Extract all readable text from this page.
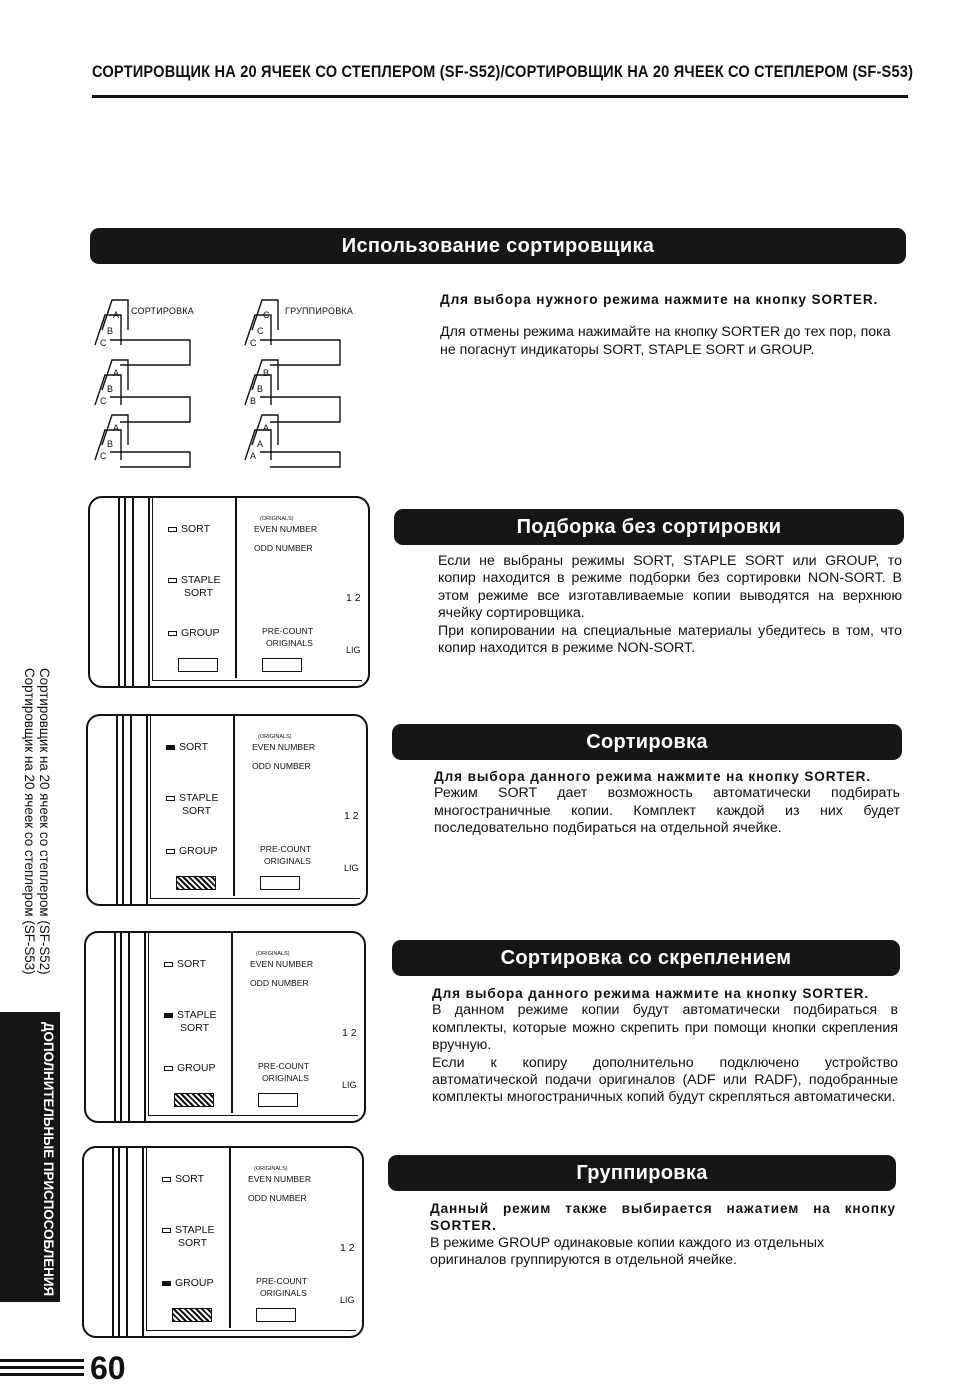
СОРТИРОВЩИК НА 20 ЯЧЕЕК СО СТЕПЛЕРОМ (SF-S52)/СОРТИРОВЩИК НА 20 ЯЧЕЕК СО СТЕПЛЕРОМ (SF-S53)
Использование сортировщика
Подборка без сортировки
Сортировка
Сортировка со скреплением
Группировка
СОРТИРОВКА	ГРУППИРОВКА
A
B
C
A
B
C
A
B
C
C
C
C
B
B
B
A
A
A
Для выбора нужного режима нажмите на кнопку SORTER.
Для отмены режима нажимайте на кнопку SORTER до тех пор, пока не погаснут индикаторы SORT, STAPLE SORT и GROUP.
Если не выбраны режимы SORT, STAPLE SORT или GROUP, то копир находится в режиме подборки без сортировки NON-SORT. В этом режиме все изготавливаемые копии выводятся на верхнюю ячейку сортировщика.
При копировании на специальные материалы убедитесь в том, что копир находится в режиме NON-SORT.
Для выбора данного режима нажмите на кнопку SORTER.
Режим SORT дает возможность автоматически подбирать многостраничные копии. Комплект каждой из них будет последовательно подбираться на отдельной ячейке.
Для выбора данного режима нажмите на кнопку SORTER.
В данном режиме копии будут автоматически подбираться в комплекты, которые можно скрепить при помощи кнопки скрепления вручную.
Если к копиру дополнительно подключено устройство автоматической подачи оригиналов (ADF или RADF), подобранные комплекты многостраничных копий будут скрепляться автоматически.
Данный режим также выбирается нажатием на кнопку SORTER.
В режиме GROUP одинаковые копии каждого из отдельных оригиналов группируются в отдельной ячейке.
SORT
STAPLE
SORT
GROUP
(ORIGINALS)
EVEN NUMBER
ODD NUMBER
PRE-COUNT
ORIGINALS
1 2
LIG
SORT
STAPLE
SORT
GROUP
(ORIGINALS)
EVEN NUMBER
ODD NUMBER
PRE-COUNT
ORIGINALS
1 2
LIG
SORT
STAPLE
SORT
GROUP
(ORIGINALS)
EVEN NUMBER
ODD NUMBER
PRE-COUNT
ORIGINALS
1 2
LIG
SORT
STAPLE
SORT
GROUP
(ORIGINALS)
EVEN NUMBER
ODD NUMBER
PRE-COUNT
ORIGINALS
1 2
LIG
Сортировщик на 20 ячеек со степлером (SF-S52)
Сортировщик на 20 ячеек со степлером (SF-S53)
ДОПОЛНИТЕЛЬНЫЕ ПРИСПОСОБЛЕНИЯ
60
